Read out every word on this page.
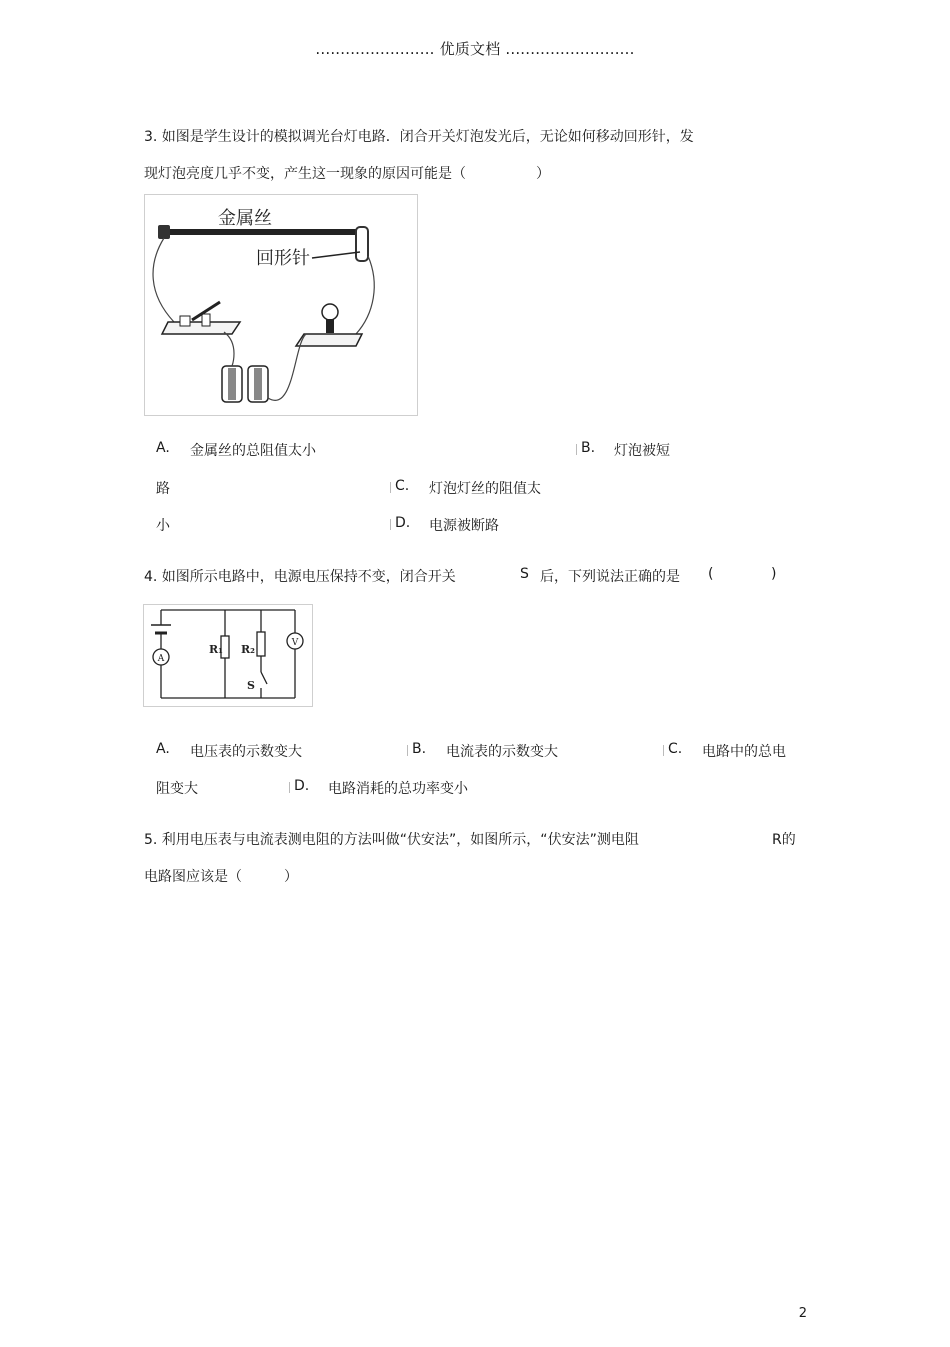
........................ 优质文档 ..........................
3. 如图是学生设计的模拟调光台灯电路．闭合开关灯泡发光后，无论如何移动回形针，发
现灯泡亮度几乎不变，产生这一现象的原因可能是（　　　　　）
金属丝
回形针
A. 金属丝的总阻值太小	B. 灯泡被短
路	C. 灯泡灯丝的阻值太
小	D. 电源被断路
4. 如图所示电路中，电源电压保持不变，闭合开关	S 后，下列说法正确的是 (	)
A
R₁ R₂
S
V
A. 电压表的示数变大	B. 电流表的示数变大	C. 电路中的总电
阻变大	D. 电路消耗的总功率变小
5. 利用电压表与电流表测电阻的方法叫做“伏安法”，如图所示，“伏安法”测电阻	R的
电路图应该是（　　　）
2
